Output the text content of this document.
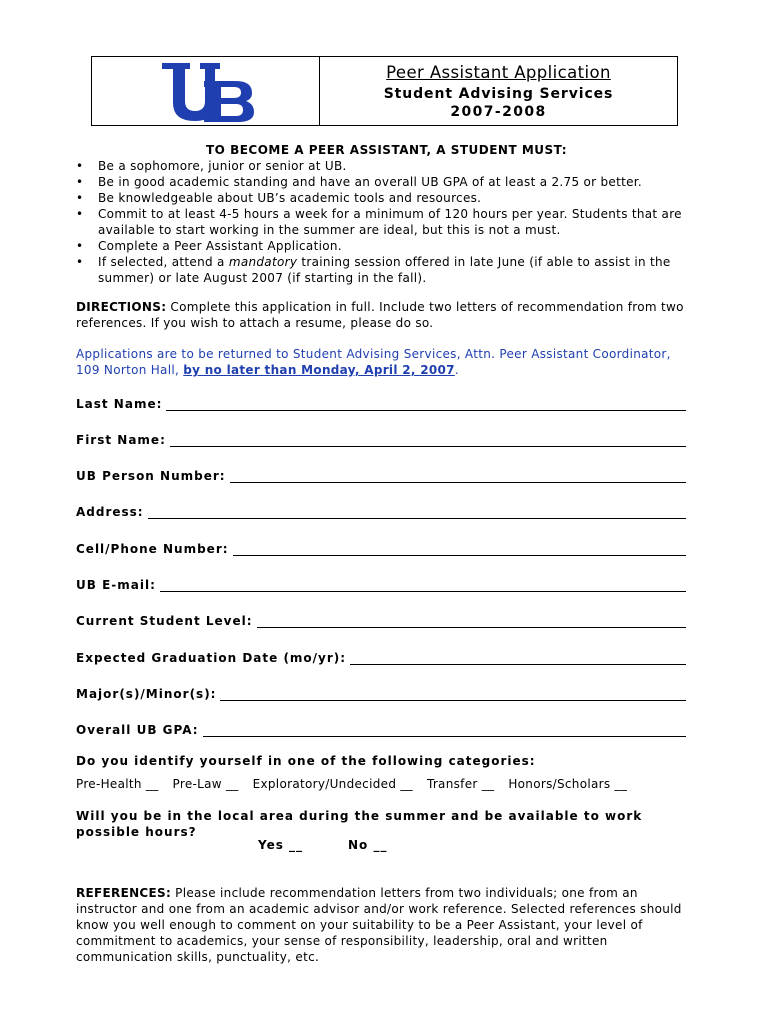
Peer Assistant Application
Student Advising Services
2007-2008
TO BECOME A PEER ASSISTANT, A STUDENT MUST:
• Be a sophomore, junior or senior at UB.
• Be in good academic standing and have an overall UB GPA of at least a 2.75 or better.
• Be knowledgeable about UB’s academic tools and resources.
• Commit to at least 4-5 hours a week for a minimum of 120 hours per year. Students that are available to start working in the summer are ideal, but this is not a must.
• Complete a Peer Assistant Application.
• If selected, attend a mandatory training session offered in late June (if able to assist in the summer) or late August 2007 (if starting in the fall).
DIRECTIONS: Complete this application in full. Include two letters of recommendation from two references. If you wish to attach a resume, please do so.
Applications are to be returned to Student Advising Services, Attn. Peer Assistant Coordinator, 109 Norton Hall, by no later than Monday, April 2, 2007.
Last Name:
First Name:
UB Person Number:
Address:
Cell/Phone Number:
UB E-mail:
Current Student Level:
Expected Graduation Date (mo/yr):
Major(s)/Minor(s):
Overall UB GPA:
Do you identify yourself in one of the following categories:
Pre-Health __ Pre-Law __ Exploratory/Undecided __ Transfer __ Honors/Scholars __
Will you be in the local area during the summer and be available to work possible hours?
Yes __	No __
REFERENCES: Please include recommendation letters from two individuals; one from an instructor and one from an academic advisor and/or work reference. Selected references should know you well enough to comment on your suitability to be a Peer Assistant, your level of commitment to academics, your sense of responsibility, leadership, oral and written communication skills, punctuality, etc.
